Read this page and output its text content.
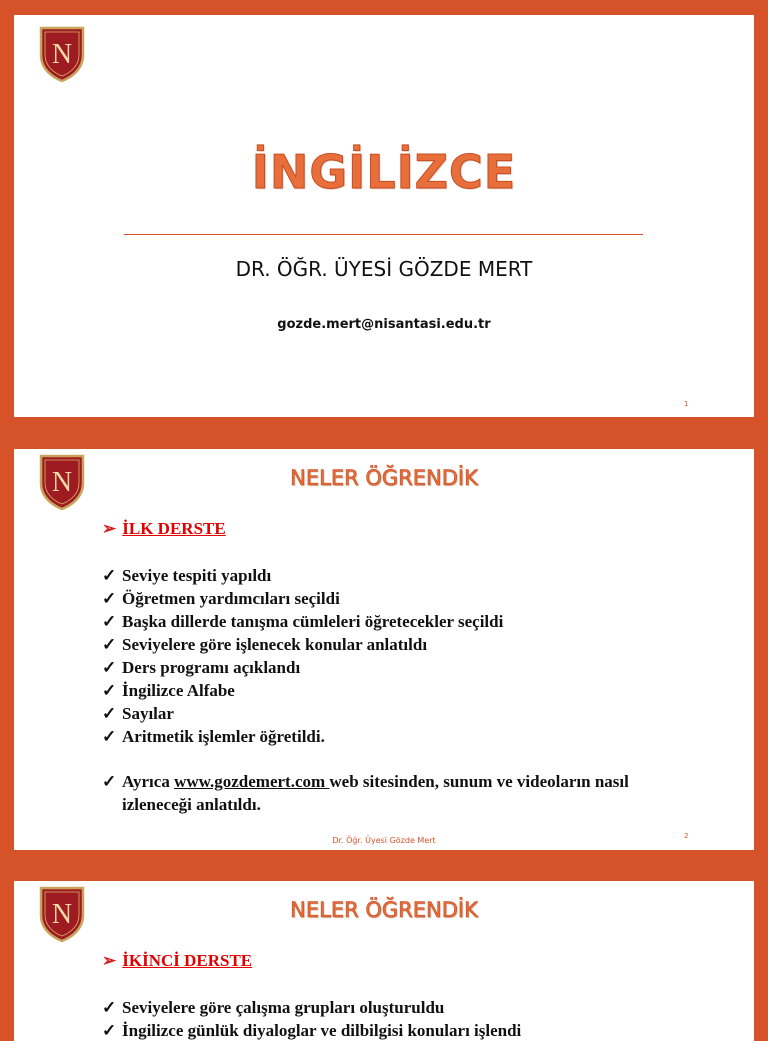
N
İNGİLİZCE
DR. ÖĞR. ÜYESİ GÖZDE MERT
gozde.mert@nisantasi.edu.tr
1
N	NELER ÖĞRENDİK
➢ İLK DERSTE
✓ Seviye tespiti yapıldı
✓ Öğretmen yardımcıları seçildi
✓ Başka dillerde tanışma cümleleri öğretecekler seçildi
✓ Seviyelere göre işlenecek konular anlatıldı
✓ Ders programı açıklandı
✓ İngilizce Alfabe
✓ Sayılar
✓ Aritmetik işlemler öğretildi.
✓ Ayrıca www.gozdemert.com web sitesinden, sunum ve videoların nasıl izleneceği anlatıldı.
Dr. Öğr. Üyesi Gözde Mert	2
N	NELER ÖĞRENDİK
➢ İKİNCİ DERSTE
✓ Seviyelere göre çalışma grupları oluşturuldu
✓ İngilizce günlük diyaloglar ve dilbilgisi konuları işlendi
